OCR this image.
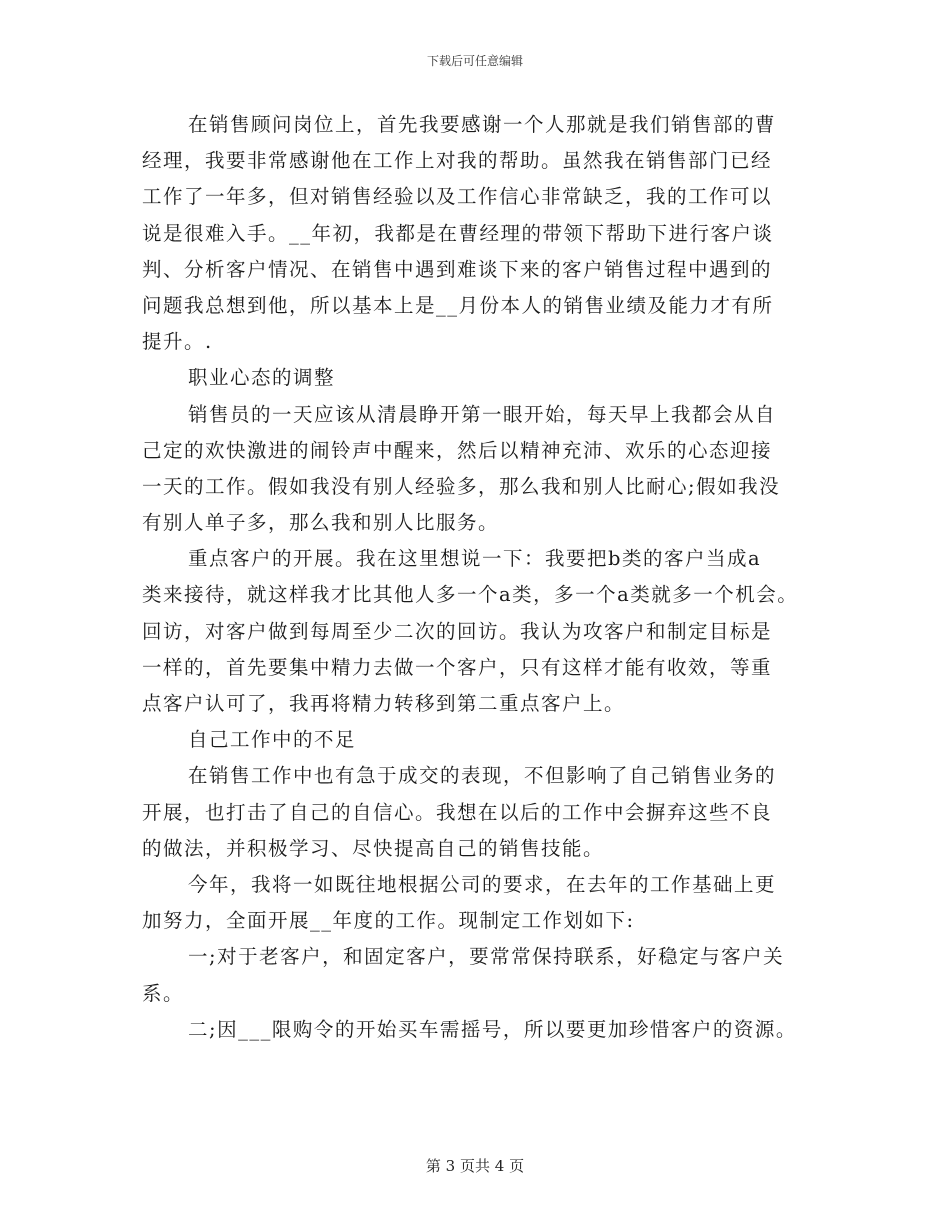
下载后可任意编辑
在销售顾问岗位上，首先我要感谢一个人那就是我们销售部的曹
经理，我要非常感谢他在工作上对我的帮助。虽然我在销售部门已经
工作了一年多，但对销售经验以及工作信心非常缺乏，我的工作可以
说是很难入手。__年初，我都是在曹经理的带领下帮助下进行客户谈
判、分析客户情况、在销售中遇到难谈下来的客户销售过程中遇到的
问题我总想到他，所以基本上是__月份本人的销售业绩及能力才有所
提升。.
职业心态的调整
销售员的一天应该从清晨睁开第一眼开始，每天早上我都会从自
己定的欢快激进的闹铃声中醒来，然后以精神充沛、欢乐的心态迎接
一天的工作。假如我没有别人经验多，那么我和别人比耐心;假如我没
有别人单子多，那么我和别人比服务。
重点客户的开展。我在这里想说一下：我要把b类的客户当成a
类来接待，就这样我才比其他人多一个a类，多一个a类就多一个机会。
回访，对客户做到每周至少二次的回访。我认为攻客户和制定目标是
一样的，首先要集中精力去做一个客户，只有这样才能有收效，等重
点客户认可了，我再将精力转移到第二重点客户上。
自己工作中的不足
在销售工作中也有急于成交的表现，不但影响了自己销售业务的
开展，也打击了自己的自信心。我想在以后的工作中会摒弃这些不良
的做法，并积极学习、尽快提高自己的销售技能。
今年，我将一如既往地根据公司的要求，在去年的工作基础上更
加努力，全面开展__年度的工作。现制定工作划如下:
一;对于老客户，和固定客户，要常常保持联系，好稳定与客户关
系。
二;因___限购令的开始买车需摇号，所以要更加珍惜客户的资源。
第 3 页共 4 页
